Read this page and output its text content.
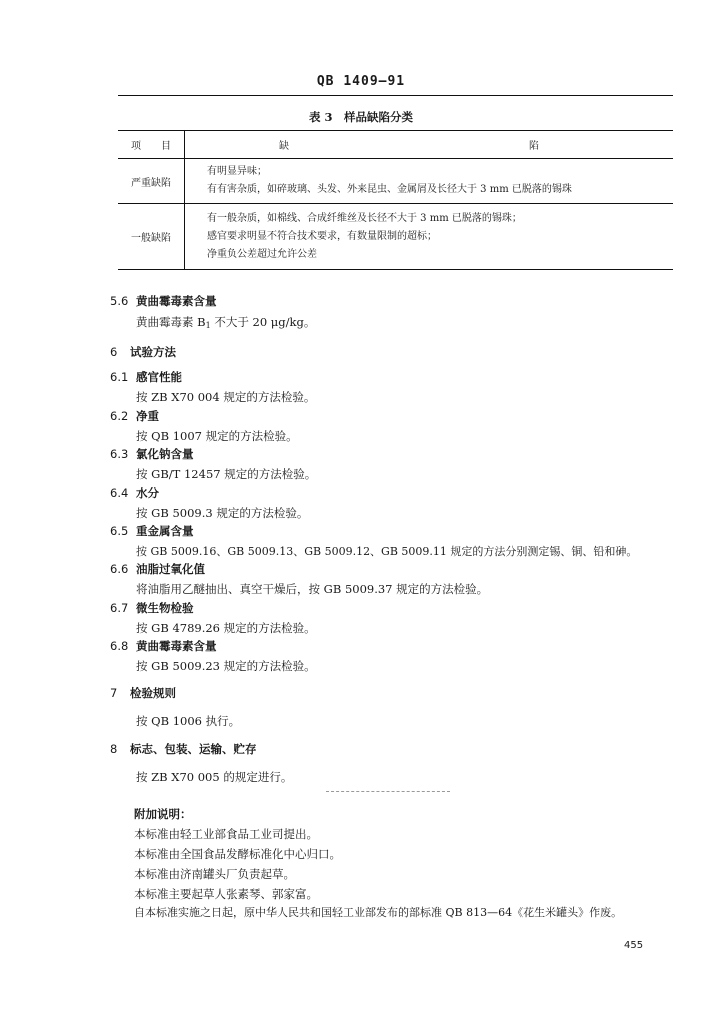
QB 1409—91
表 3　样品缺陷分类
项　　目	缺　　　　陷
严重缺陷	有明显异味；
有有害杂质，如碎玻璃、头发、外来昆虫、金属屑及长径大于 3 mm 已脱落的锡珠

一般缺陷	有一般杂质，如棉线、合成纤维丝及长径不大于 3 mm 已脱落的锡珠；
感官要求明显不符合技术要求，有数量限制的超标；
净重负公差超过允许公差
5.6 黄曲霉毒素含量
黄曲霉毒素 $B_1$ 不大于 20 μg/kg。
6 试验方法
6.1 感官性能
按 ZB X70 004 规定的方法检验。
6.2 净重
按 QB 1007 规定的方法检验。
6.3 氯化钠含量
按 GB/T 12457 规定的方法检验。
6.4 水分
按 GB 5009.3 规定的方法检验。
6.5 重金属含量
按 GB 5009.16、GB 5009.13、GB 5009.12、GB 5009.11 规定的方法分别测定锡、铜、铅和砷。
6.6 油脂过氧化值
将油脂用乙醚抽出、真空干燥后，按 GB 5009.37 规定的方法检验。
6.7 微生物检验
按 GB 4789.26 规定的方法检验。
6.8 黄曲霉毒素含量
按 GB 5009.23 规定的方法检验。
7 检验规则
按 QB 1006 执行。
8 标志、包装、运输、贮存
按 ZB X70 005 的规定进行。
附加说明：
本标准由轻工业部食品工业司提出。
本标准由全国食品发酵标准化中心归口。
本标准由济南罐头厂负责起草。
本标准主要起草人张素琴、郭家富。
自本标准实施之日起，原中华人民共和国轻工业部发布的部标准 QB 813—64《花生米罐头》作废。
455
